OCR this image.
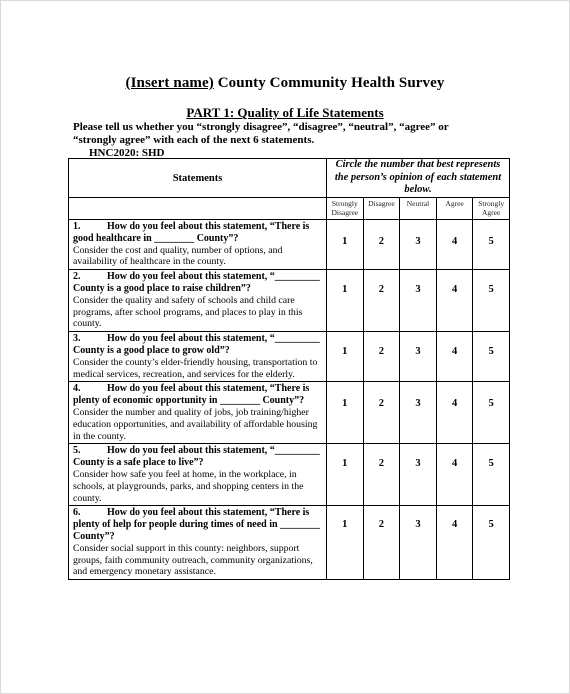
(Insert name) County Community Health Survey
PART 1: Quality of Life Statements
Please tell us whether you “strongly disagree”, “disagree”, “neutral”, “agree” or “strongly agree” with each of the next 6 statements.
HNC2020: SHD
Statements	Circle the number that best represents the person’s opinion of each statement below.				
	Strongly Disagree	Disagree	Neutral	Agree	Strongly Agree

1. How do you feel about this statement, “There is good healthcare in ________ County”?
Consider the cost and quality, number of options, and availability of healthcare in the county.	1	2	3	4	5

2. How do you feel about this statement, “_________ County is a good place to raise children”?
Consider the quality and safety of schools and child care programs, after school programs, and places to play in this county.	1	2	3	4	5

3. How do you feel about this statement, “_________ County is a good place to grow old”?
Consider the county’s elder-friendly housing, transportation to medical services, recreation, and services for the elderly.	1	2	3	4	5

4. How do you feel about this statement, “There is plenty of economic opportunity in ________ County”?
Consider the number and quality of jobs, job training/higher education opportunities, and availability of affordable housing in the county.	1	2	3	4	5

5. How do you feel about this statement, “_________ County is a safe place to live”?
Consider how safe you feel at home, in the workplace, in schools, at playgrounds, parks, and shopping centers in the county.	1	2	3	4	5

6. How do you feel about this statement, “There is plenty of help for people during times of need in ________ County”?
Consider social support in this county: neighbors, support groups, faith community outreach, community organizations, and emergency monetary assistance.	1	2	3	4	5
